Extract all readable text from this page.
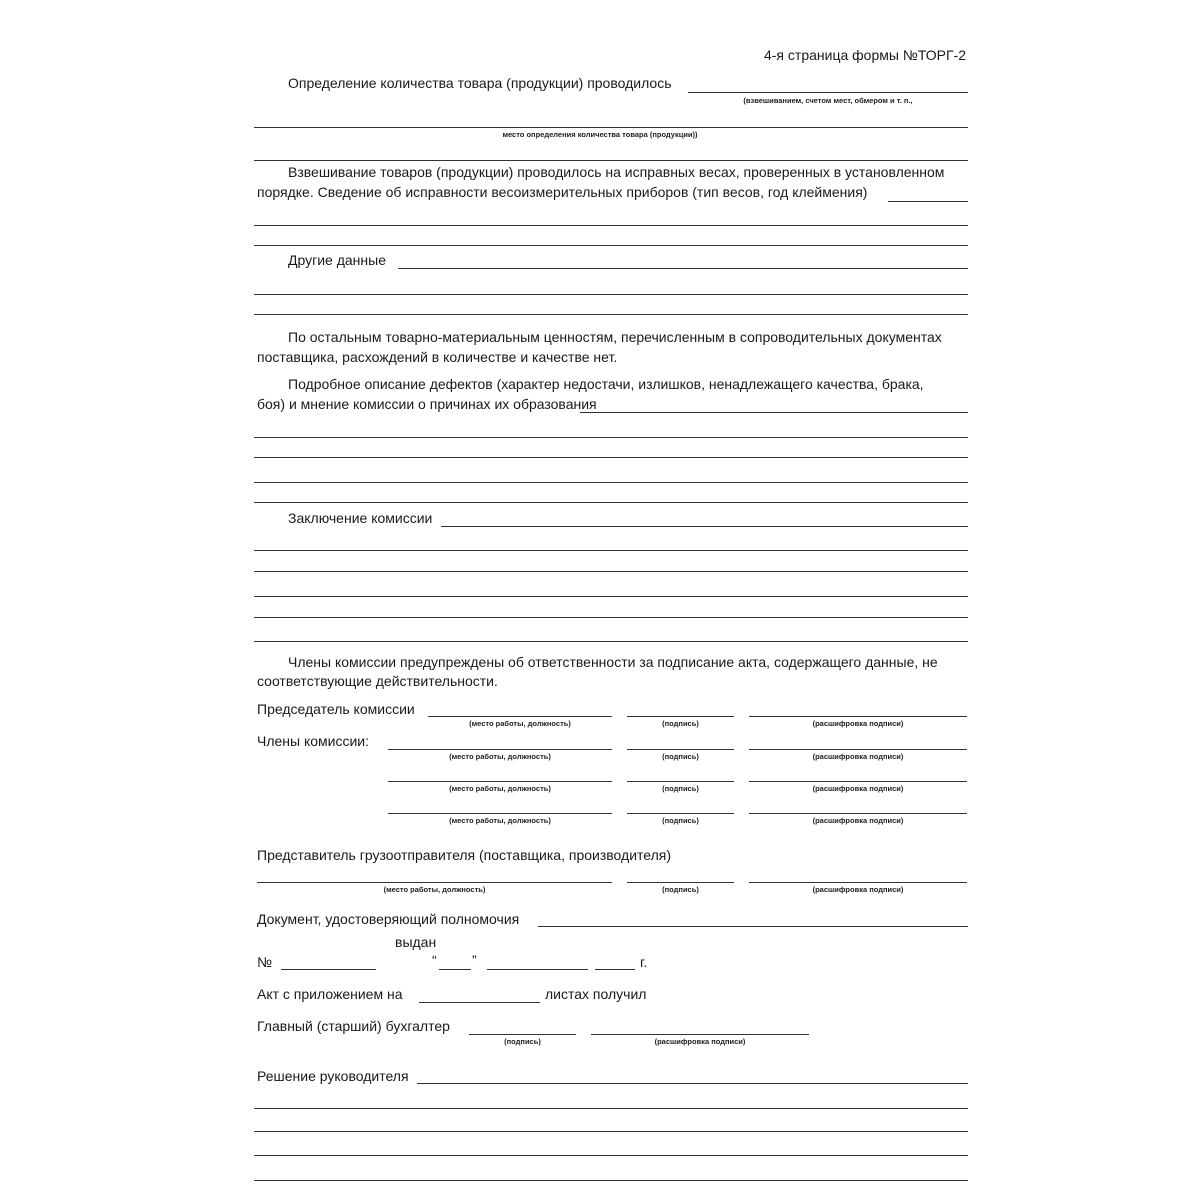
4-я страница формы №ТОРГ-2
Определение количества товара (продукции) проводилось
(взвешиванием, счетом мест, обмером и т. п.,
место определения количества товара (продукции))
Взвешивание товаров (продукции) проводилось на исправных весах, проверенных в установленном
порядке. Сведение об исправности весоизмерительных приборов (тип весов, год клеймения)
Другие данные
По остальным товарно-материальным ценностям, перечисленным в сопроводительных документах
поставщика, расхождений в количестве и качестве нет.
Подробное описание дефектов (характер недостачи, излишков, ненадлежащего качества, брака,
боя) и мнение комиссии о причинах их образования
Заключение комиссии
Члены комиссии предупреждены об ответственности за подписание акта, содержащего данные, не
соответствующие действительности.
Председатель комиссии
(место работы, должность)	(подпись)	(расшифровка подписи)
Члены комиссии:
(место работы, должность)	(подпись)	(расшифровка подписи)
(место работы, должность)	(подпись)	(расшифровка подписи)
(место работы, должность)	(подпись)	(расшифровка подписи)
Представитель грузоотправителя (поставщика, производителя)
(место работы, должность)	(подпись)	(расшифровка подписи)
Документ, удостоверяющий полномочия
выдан
№	“	”	г.
Акт с приложением на	листах получил
Главный (старший) бухгалтер
(подпись)	(расшифровка подписи)
Решение руководителя
